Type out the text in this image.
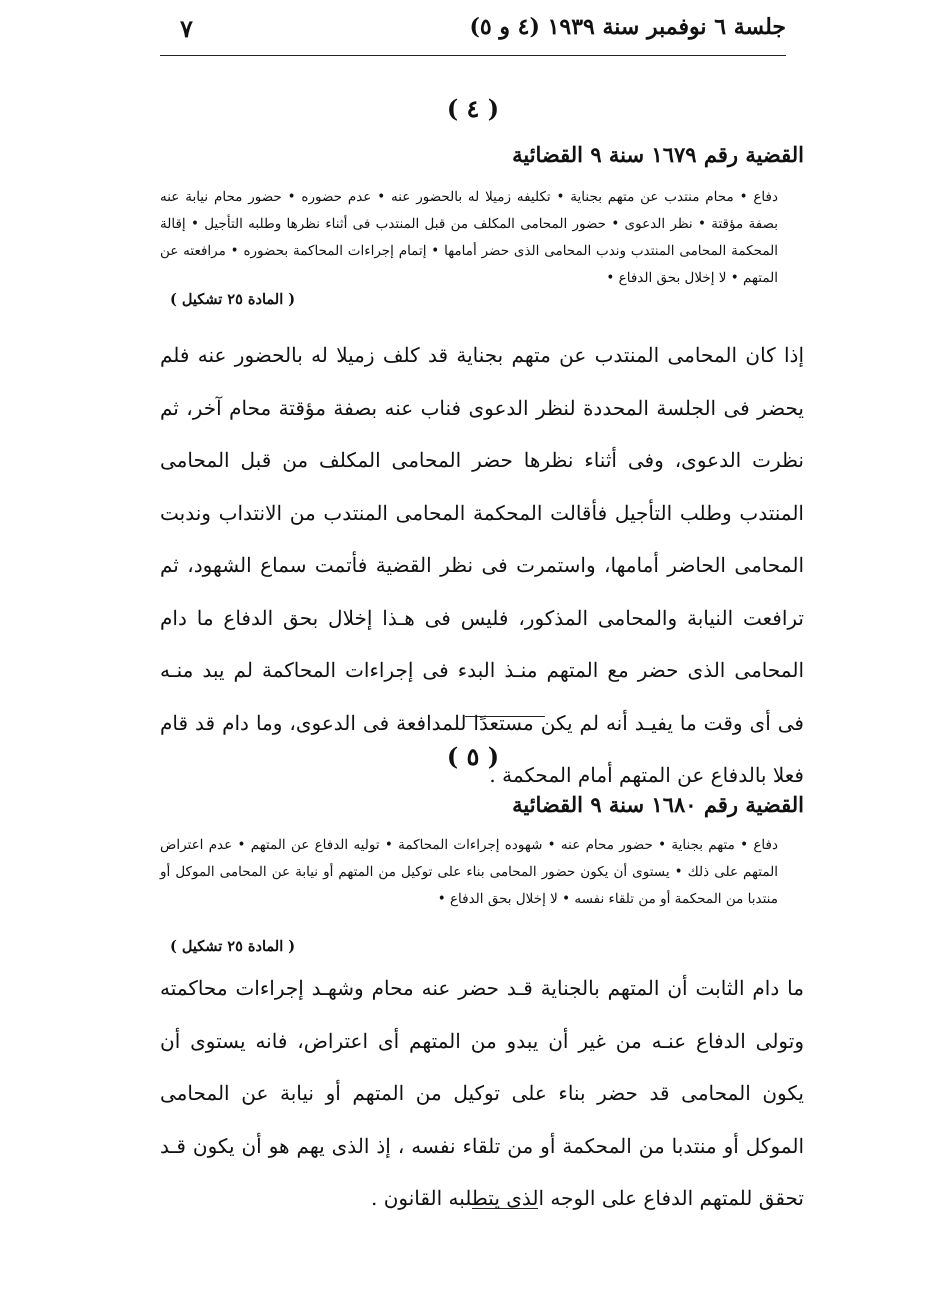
جلسة ٦ نوفمبر سنة ١٩٣٩ (٤ و ٥)
٧
( ٤ )
القضية رقم ١٦٧٩ سنة ٩ القضائية
دفاع • محام منتدب عن متهم بجناية • تكليفه زميلا له بالحضور عنه • عدم حضوره • حضور محام نيابة عنه بصفة مؤقتة • نظر الدعوى • حضور المحامى المكلف من قبل المنتدب فى أثناء نظرها وطلبه التأجيل • إقالة المحكمة المحامى المنتدب وندب المحامى الذى حضر أمامها • إتمام إجراءات المحاكمة بحضوره • مرافعته عن المتهم • لا إخلال بحق الدفاع •
( المادة ٢٥ تشكيل )
إذا كان المحامى المنتدب عن متهم بجناية قد كلف زميلا له بالحضور عنه فلم يحضر فى الجلسة المحددة لنظر الدعوى فناب عنه بصفة مؤقتة محام آخر، ثم نظرت الدعوى، وفى أثناء نظرها حضر المحامى المكلف من قبل المحامى المنتدب وطلب التأجيل فأقالت المحكمة المحامى المنتدب من الانتداب وندبت المحامى الحاضر أمامها، واستمرت فى نظر القضية فأتمت سماع الشهود، ثم ترافعت النيابة والمحامى المذكور، فليس فى هـذا إخلال بحق الدفاع ما دام المحامى الذى حضر مع المتهم منـذ البدء فى إجراءات المحاكمة لم يبد منـه فى أى وقت ما يفيـد أنه لم يكن مستعدًا للمدافعة فى الدعوى، وما دام قد قام فعلا بالدفاع عن المتهم أمام المحكمة .
( ٥ )
القضية رقم ١٦٨٠ سنة ٩ القضائية
دفاع • متهم بجناية • حضور محام عنه • شهوده إجراءات المحاكمة • توليه الدفاع عن المتهم • عدم اعتراض المتهم على ذلك • يستوى أن يكون حضور المحامى بناء على توكيل من المتهم أو نيابة عن المحامى الموكل أو منتدبا من المحكمة أو من تلقاء نفسه • لا إخلال بحق الدفاع •
( المادة ٢٥ تشكيل )
ما دام الثابت أن المتهم بالجناية قـد حضر عنه محام وشهـد إجراءات محاكمته وتولى الدفاع عنـه من غير أن يبدو من المتهم أى اعتراض، فانه يستوى أن يكون المحامى قد حضر بناء على توكيل من المتهم أو نيابة عن المحامى الموكل أو منتدبا من المحكمة أو من تلقاء نفسه ، إذ الذى يهم هو أن يكون قـد تحقق للمتهم الدفاع على الوجه الذى يتطلبه القانون .
